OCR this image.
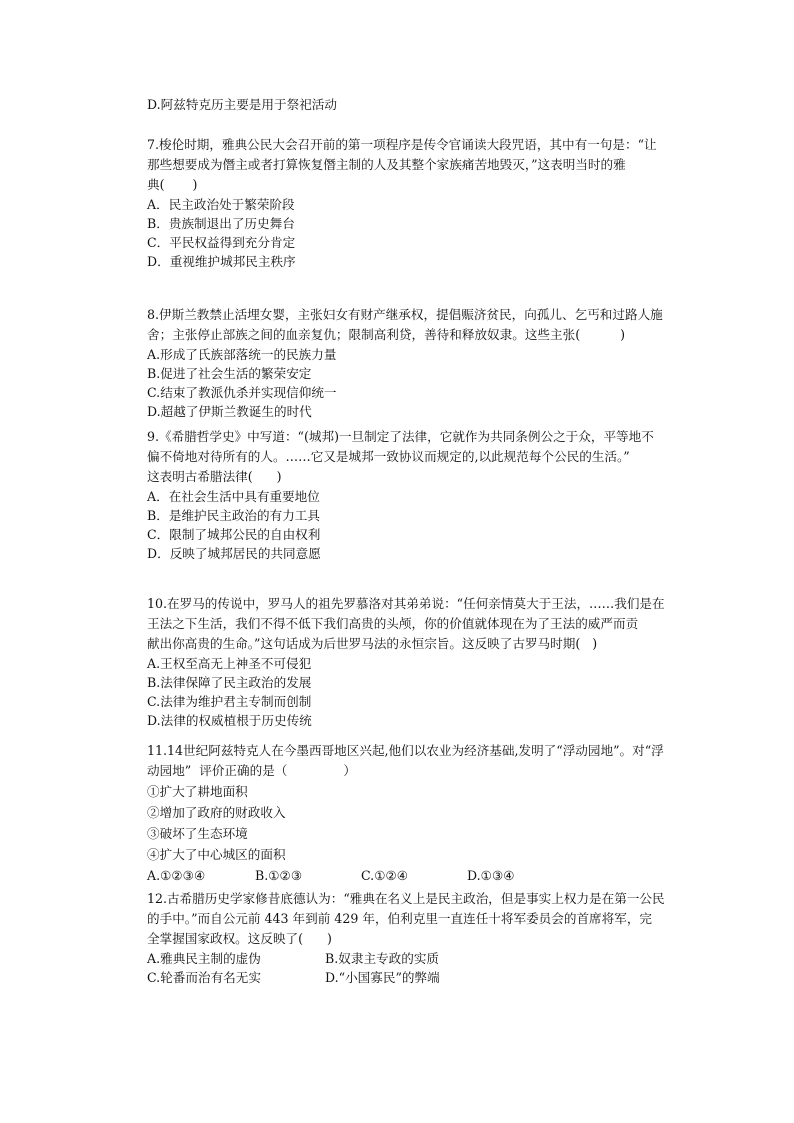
D.阿兹特克历主要是用于祭祀活动
7.梭伦时期，雅典公民大会召开前的第一项程序是传令官诵读大段咒语，其中有一句是：“让
那些想要成为僭主或者打算恢复僭主制的人及其整个家族痛苦地毁灭，”这表明当时的雅
典(       )
A．民主政治处于繁荣阶段
B．贵族制退出了历史舞台
C．平民权益得到充分肯定
D．重视维护城邦民主秩序
8.伊斯兰教禁止活埋女婴，主张妇女有财产继承权，提倡赈济贫民，向孤儿、乞丐和过路人施
舍；主张停止部族之间的血亲复仇；限制高利贷，善待和释放奴隶。这些主张(          )
A.形成了氏族部落统一的民族力量
B.促进了社会生活的繁荣安定
C.结束了教派仇杀并实现信仰统一
D.超越了伊斯兰教诞生的时代
9.《希腊哲学史》中写道：“(城邦)一旦制定了法律，它就作为共同条例公之于众，平等地不
偏不倚地对待所有的人。……它又是城邦一致协议而规定的,以此规范每个公民的生活。”
这表明古希腊法律(      )
A．在社会生活中具有重要地位
B．是维护民主政治的有力工具
C．限制了城邦公民的自由权利
D．反映了城邦居民的共同意愿
10.在罗马的传说中，罗马人的祖先罗慕洛对其弟弟说：“任何亲情莫大于王法，……我们是在
王法之下生活，我们不得不低下我们高贵的头颅，你的价值就体现在为了王法的威严而贡
献出你高贵的生命。”这句话成为后世罗马法的永恒宗旨。这反映了古罗马时期(   )
A.王权至高无上神圣不可侵犯
B.法律保障了民主政治的发展
C.法律为维护君主专制而创制
D.法律的权威植根于历史传统
11.14世纪阿兹特克人在今墨西哥地区兴起,他们以农业为经济基础,发明了“浮动园地”。对“浮
动园地”  评价正确的是（              ）
①扩大了耕地面积
②增加了政府的财政收入
③破坏了生态环境
④扩大了中心城区的面积
A.①②③④	B.①②③	C.①②④	D.①③④
12.古希腊历史学家修昔底德认为：“雅典在名义上是民主政治，但是事实上权力是在第一公民
的手中。”而自公元前 443 年到前 429 年，伯利克里一直连任十将军委员会的首席将军，完
全掌握国家政权。这反映了(      )
A.雅典民主制的虚伪	B.奴隶主专政的实质
C.轮番而治有名无实	D.“小国寡民”的弊端
